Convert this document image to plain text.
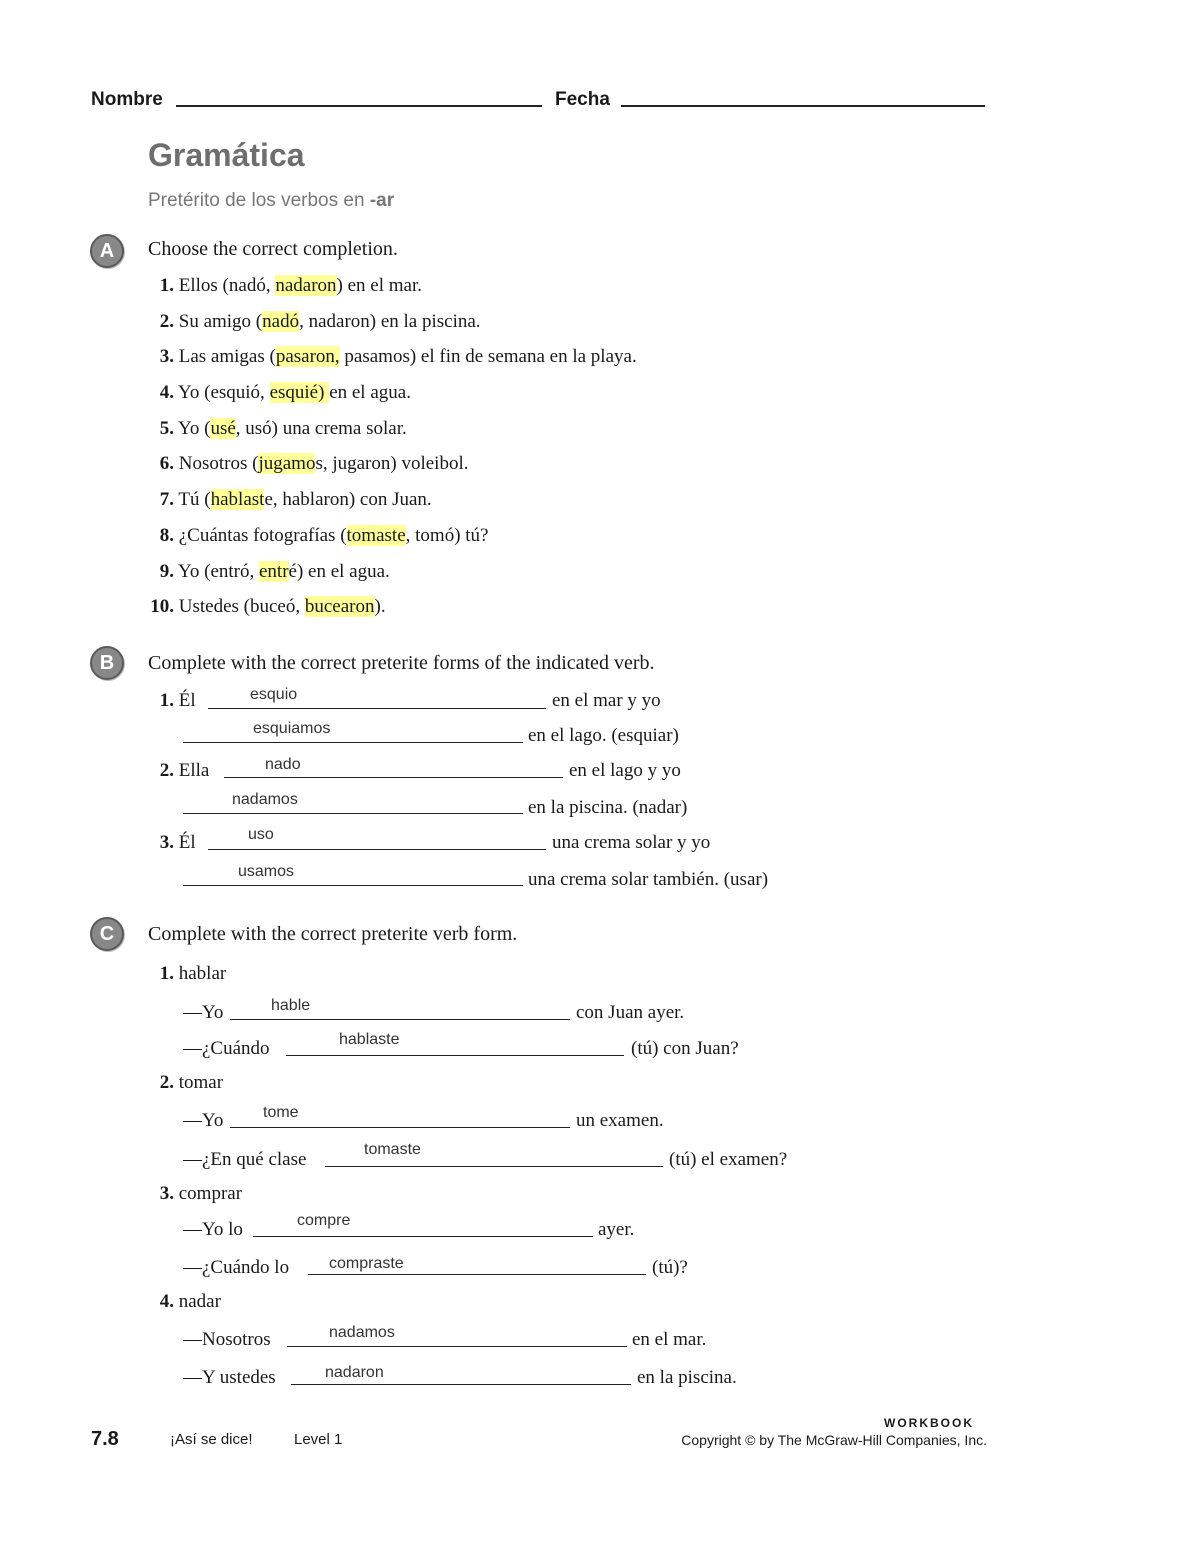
Nombre	Fecha
Gramática
Pretérito de los verbos en -ar
A	Choose the correct completion.
1. Ellos (nadó, nadaron) en el mar.
2. Su amigo (nadó, nadaron) en la piscina.
3. Las amigas (pasaron, pasamos) el fin de semana en la playa.
4. Yo (esquió, esquié) en el agua.
5. Yo (usé, usó) una crema solar.
6. Nosotros (jugamos, jugaron) voleibol.
7. Tú (hablaste, hablaron) con Juan.
8. ¿Cuántas fotografías (tomaste, tomó) tú?
9. Yo (entró, entré) en el agua.
10. Ustedes (buceó, bucearon).
B	Complete with the correct preterite forms of the indicated verb.
1. Él	esquio	en el mar y yo
esquiamos	en el lago. (esquiar)
2. Ella	nado	en el lago y yo
nadamos	en la piscina. (nadar)
3. Él	uso	una crema solar y yo
usamos	una crema solar también. (usar)
C	Complete with the correct preterite verb form.
1. hablar
—Yo	hable	con Juan ayer.
—¿Cuándo	hablaste	(tú) con Juan?
2. tomar
—Yo tome	un examen.
—¿En qué clase	tomaste	(tú) el examen?
3. comprar
—Yo lo	compre	ayer.
—¿Cuándo lo compraste	(tú)?
4. nadar
—Nosotros	nadamos	en el mar.
—Y ustedes	nadaron	en la piscina.
WORKBOOK
7.8	¡Así se dice!	Level 1	Copyright © by The McGraw-Hill Companies, Inc.
